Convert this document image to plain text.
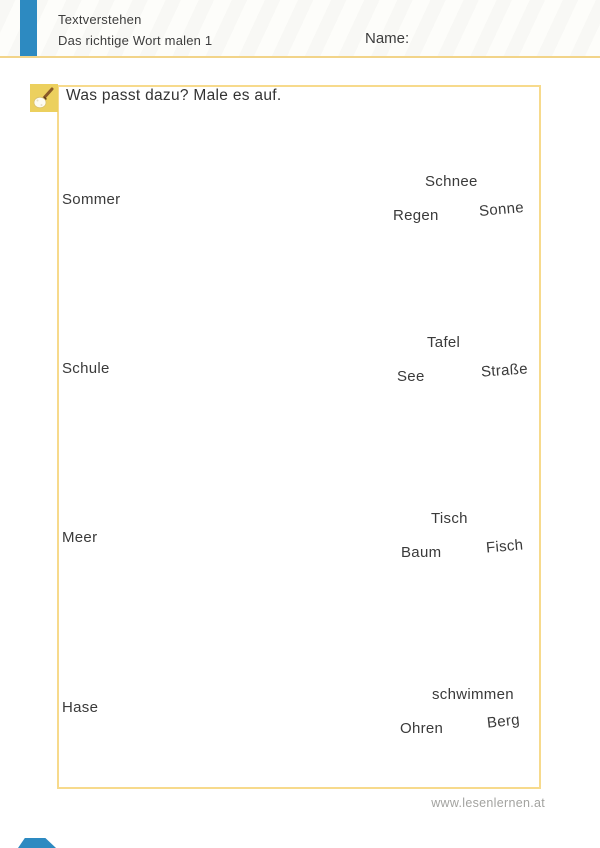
Textverstehen
Das richtige Wort malen 1	Name:
Was passt dazu? Male es auf.
Sommer
Schnee
Regen	Sonne
Schule
Tafel
See	Straße
Meer
Tisch
Baum	Fisch
Hase
schwimmen
Ohren	Berg
www.lesenlernen.at
